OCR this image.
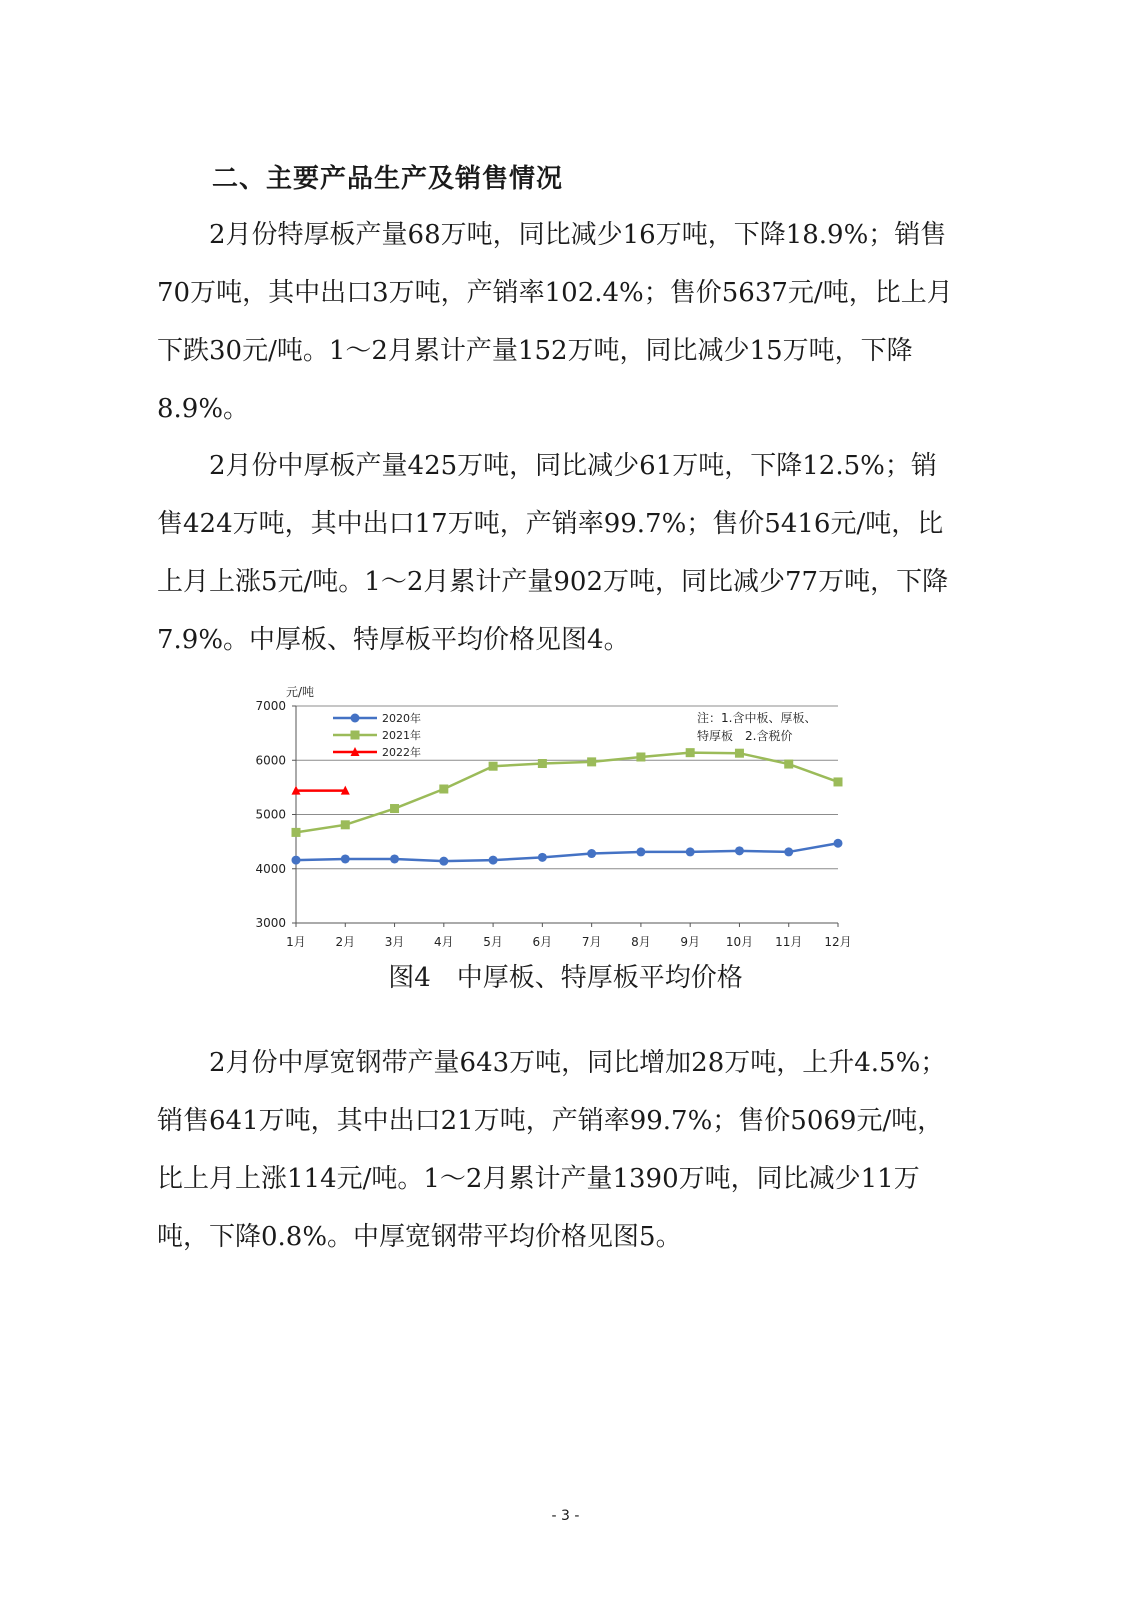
二、主要产品生产及销售情况

2月份特厚板产量68万吨，同比减少16万吨，下降18.9%；销售70万吨，其中出口3万吨，产销率102.4%；售价5637元/吨，比上月下跌30元/吨。1～2月累计产量152万吨，同比减少15万吨，下降8.9%。

2月份中厚板产量425万吨，同比减少61万吨，下降12.5%；销售424万吨，其中出口17万吨，产销率99.7%；售价5416元/吨，比上月上涨5元/吨。1～2月累计产量902万吨，同比减少77万吨，下降7.9%。中厚板、特厚板平均价格见图4。

3000
4000
5000
6000
7000
1月 2月 3月 4月 5月 6月 7月 8月 9月 10月 11月 12月
元/吨
2020年
2021年
2022年
注：1.含中板、厚板、
特厚板　2.含税价

图4　中厚板、特厚板平均价格

2月份中厚宽钢带产量643万吨，同比增加28万吨，上升4.5%；销售641万吨，其中出口21万吨，产销率99.7%；售价5069元/吨，比上月上涨114元/吨。1～2月累计产量1390万吨，同比减少11万吨，下降0.8%。中厚宽钢带平均价格见图5。

- 3 -
